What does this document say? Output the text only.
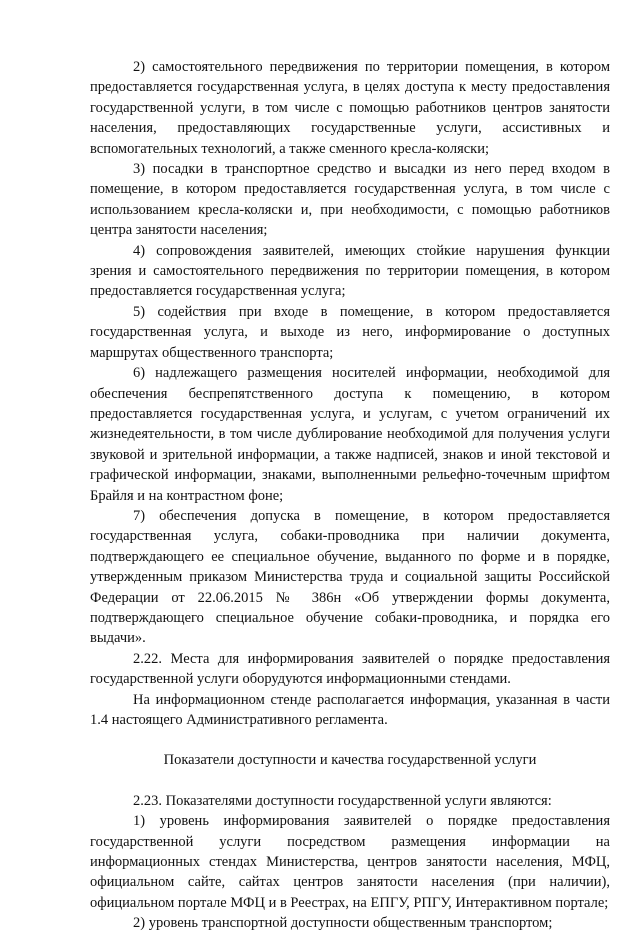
2) самостоятельного передвижения по территории помещения, в котором предоставляется государственная услуга, в целях доступа к месту предоставления государственной услуги, в том числе с помощью работников центров занятости населения, предоставляющих государственные услуги, ассистивных и вспомогательных технологий, а также сменного кресла-коляски;

3) посадки в транспортное средство и высадки из него перед входом в помещение, в котором предоставляется государственная услуга, в том числе с использованием кресла-коляски и, при необходимости, с помощью работников центра занятости населения;

4) сопровождения заявителей, имеющих стойкие нарушения функции зрения и самостоятельного передвижения по территории помещения, в котором предоставляется государственная услуга;

5) содействия при входе в помещение, в котором предоставляется государственная услуга, и выходе из него, информирование о доступных маршрутах общественного транспорта;

6) надлежащего размещения носителей информации, необходимой для обеспечения беспрепятственного доступа к помещению, в котором предоставляется государственная услуга, и услугам, с учетом ограничений их жизнедеятельности, в том числе дублирование необходимой для получения услуги звуковой и зрительной информации, а также надписей, знаков и иной текстовой и графической информации, знаками, выполненными рельефно-точечным шрифтом Брайля и на контрастном фоне;

7) обеспечения допуска в помещение, в котором предоставляется государственная услуга, собаки-проводника при наличии документа, подтверждающего ее специальное обучение, выданного по форме и в порядке, утвержденным приказом Министерства труда и социальной защиты Российской Федерации от 22.06.2015 № 386н «Об утверждении формы документа, подтверждающего специальное обучение собаки-проводника, и порядка его выдачи».

2.22. Места для информирования заявителей о порядке предоставления государственной услуги оборудуются информационными стендами.

На информационном стенде располагается информация, указанная в части 1.4 настоящего Административного регламента.

Показатели доступности и качества государственной услуги

2.23. Показателями доступности государственной услуги являются:

1) уровень информирования заявителей о порядке предоставления государственной услуги посредством размещения информации на информационных стендах Министерства, центров занятости населения, МФЦ, официальном сайте, сайтах центров занятости населения (при наличии), официальном портале МФЦ и в Реестрах, на ЕПГУ, РПГУ, Интерактивном портале;

2) уровень транспортной доступности общественным транспортом;
